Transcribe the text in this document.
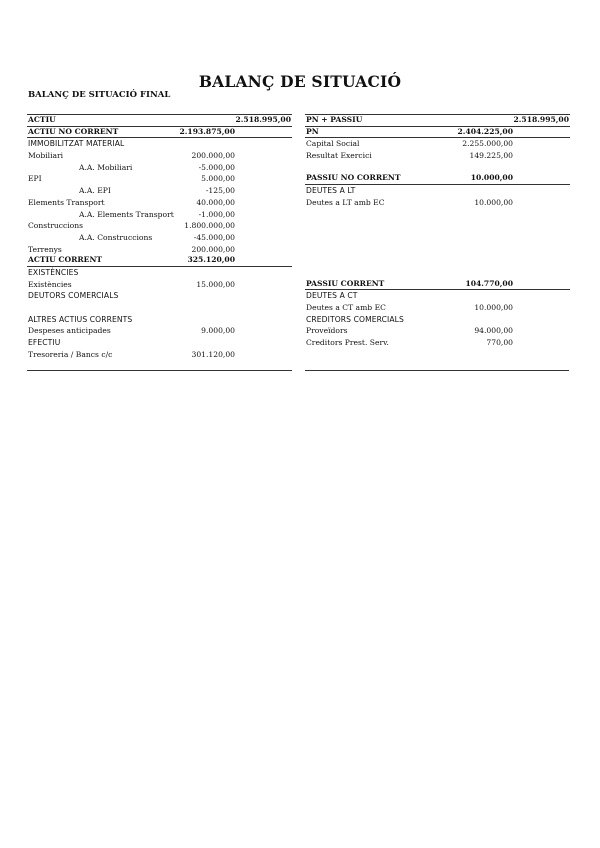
BALANÇ DE SITUACIÓ
BALANÇ DE SITUACIÓ FINAL
ACTIU	2.518.995,00
ACTIU NO CORRENT	2.193.875,00
IMMOBILITZAT MATERIAL
Mobiliari	200.000,00
A.A. Mobiliari	-5.000,00
EPI	5.000,00
A.A. EPI	-125,00
Elements Transport	40.000,00
A.A. Elements Transport	-1.000,00
Construccions	1.800.000,00
A.A. Construccions	-45.000,00
Terrenys	200.000,00
ACTIU CORRENT	325.120,00
EXISTÈNCIES
Existències	15.000,00
DEUTORS COMERCIALS
ALTRES ACTIUS CORRENTS
Despeses anticipades	9.000,00
EFECTIU
Tresoreria / Bancs c/c	301.120,00
PN + PASSIU	2.518.995,00
PN	2.404.225,00
Capital Social	2.255.000,00
Resultat Exercici	149.225,00
PASSIU NO CORRENT	10.000,00
DEUTES A LT
Deutes a LT amb EC	10.000,00
PASSIU CORRENT	104.770,00
DEUTES A CT
Deutes a CT amb EC	10.000,00
CREDITORS COMERCIALS
Proveïdors	94.000,00
Creditors Prest. Serv.	770,00
